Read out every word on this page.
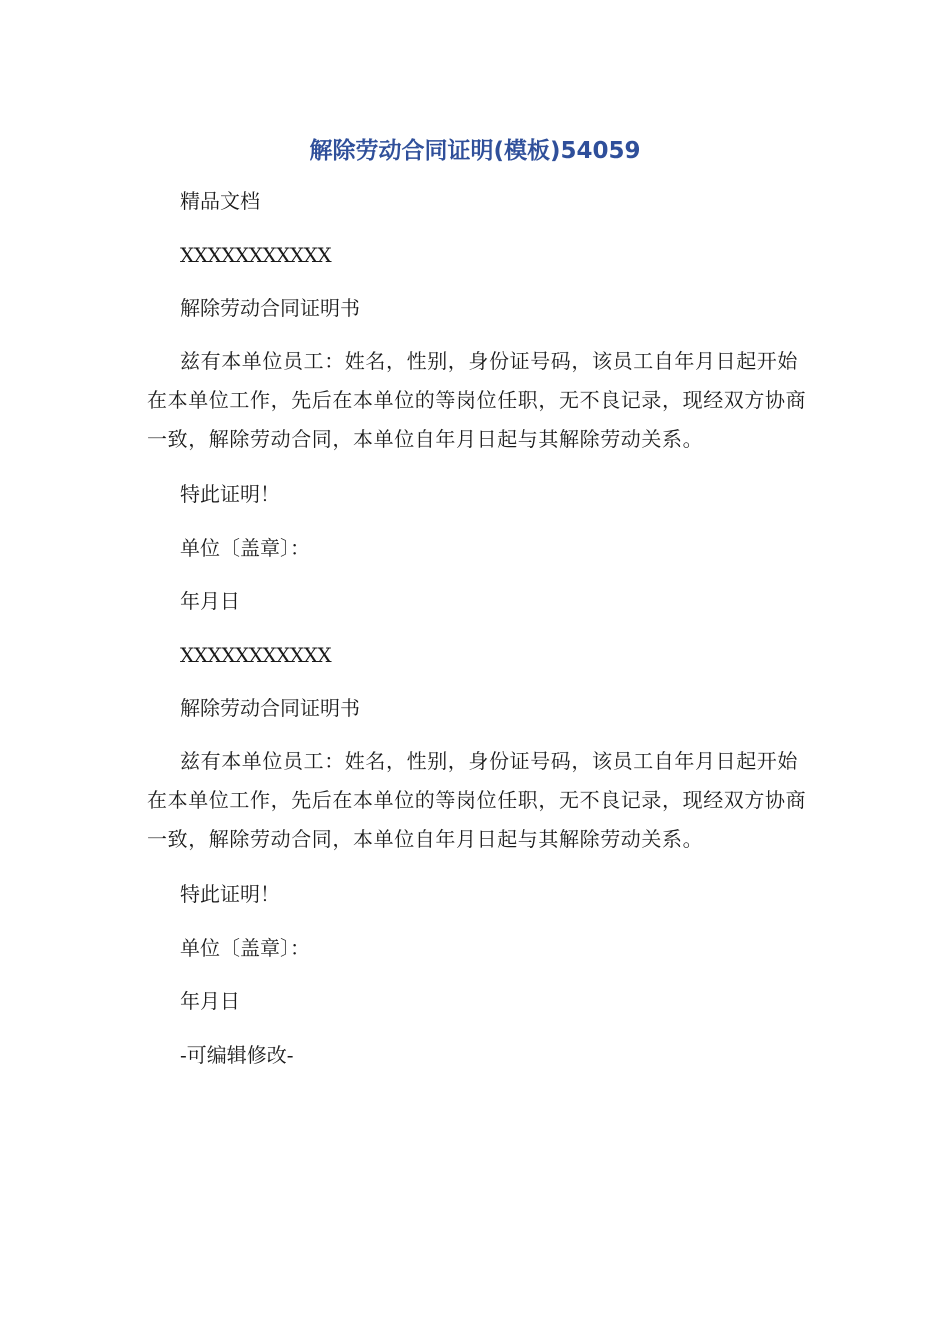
解除劳动合同证明(模板)54059
精品文档
XXXXXXXXXXX
解除劳动合同证明书
兹有本单位员工：姓名，性别，身份证号码，该员工自年月日起开始在本单位工作，先后在本单位的等岗位任职，无不良记录，现经双方协商一致，解除劳动合同，本单位自年月日起与其解除劳动关系。
特此证明！
单位〔盖章〕：
年月日
XXXXXXXXXXX
解除劳动合同证明书
兹有本单位员工：姓名，性别，身份证号码，该员工自年月日起开始在本单位工作，先后在本单位的等岗位任职，无不良记录，现经双方协商一致，解除劳动合同，本单位自年月日起与其解除劳动关系。
特此证明！
单位〔盖章〕：
年月日
-可编辑修改-
